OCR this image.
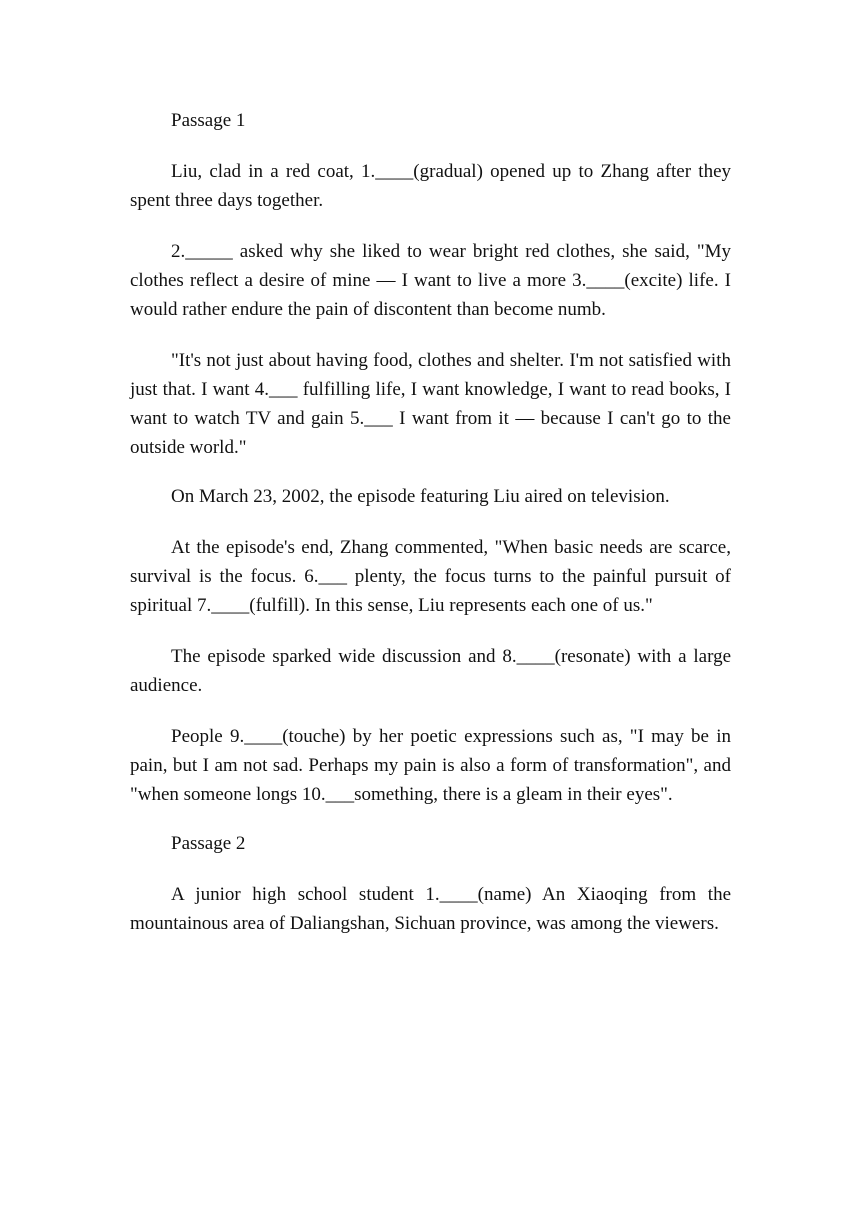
Passage 1

Liu, clad in a red coat, 1.____(gradual) opened up to Zhang after they spent three days together.

2._____ asked why she liked to wear bright red clothes, she said, "My clothes reflect a desire of mine — I want to live a more 3.____(excite) life. I would rather endure the pain of discontent than become numb.

"It's not just about having food, clothes and shelter. I'm not satisfied with just that. I want 4.___ fulfilling life, I want knowledge, I want to read books, I want to watch TV and gain 5.___ I want from it — because I can't go to the outside world."

On March 23, 2002, the episode featuring Liu aired on television.

At the episode's end, Zhang commented, "When basic needs are scarce, survival is the focus. 6.___ plenty, the focus turns to the painful pursuit of spiritual 7.____(fulfill). In this sense, Liu represents each one of us."

The episode sparked wide discussion and 8.____(resonate) with a large audience.

People 9.____(touche) by her poetic expressions such as, "I may be in pain, but I am not sad. Perhaps my pain is also a form of transformation", and "when someone longs 10.___something, there is a gleam in their eyes".

Passage 2

A junior high school student 1.____(name) An Xiaoqing from the mountainous area of Daliangshan, Sichuan province, was among the viewers.
